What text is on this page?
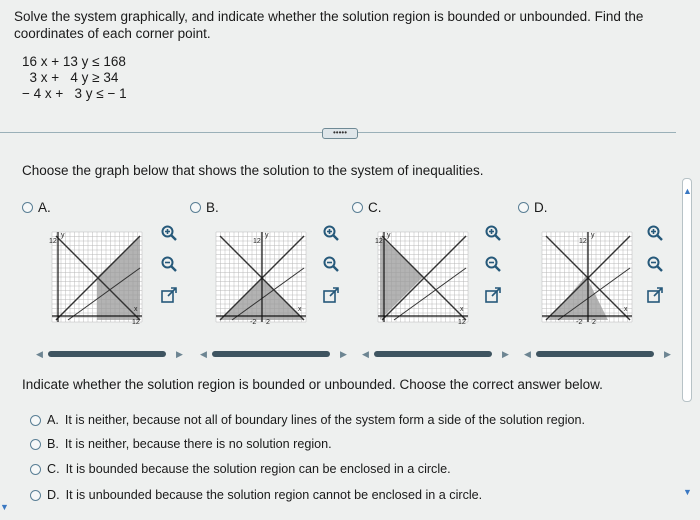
Solve the system graphically, and indicate whether the solution region is bounded or unbounded. Find the coordinates of each corner point.
16 x + 13 y ≤ 168
3 x +   4 y ≥ 34
− 4 x +   3 y ≤ − 1
•••••
Choose the graph below that shows the solution to the system of inequalities.
A.	B.	C.	D.
12
y
x
12
12
y
x
-2 2
12
y
x
12
12
y
x
-2 2
◀	▶ ◀	▶ ◀	▶ ◀	▶
Indicate whether the solution region is bounded or unbounded. Choose the correct answer below.
A. It is neither, because not all of boundary lines of the system form a side of the solution region.
B. It is neither, because there is no solution region.
C. It is bounded because the solution region can be enclosed in a circle.
D. It is unbounded because the solution region cannot be enclosed in a circle.
▲
▼
▼
